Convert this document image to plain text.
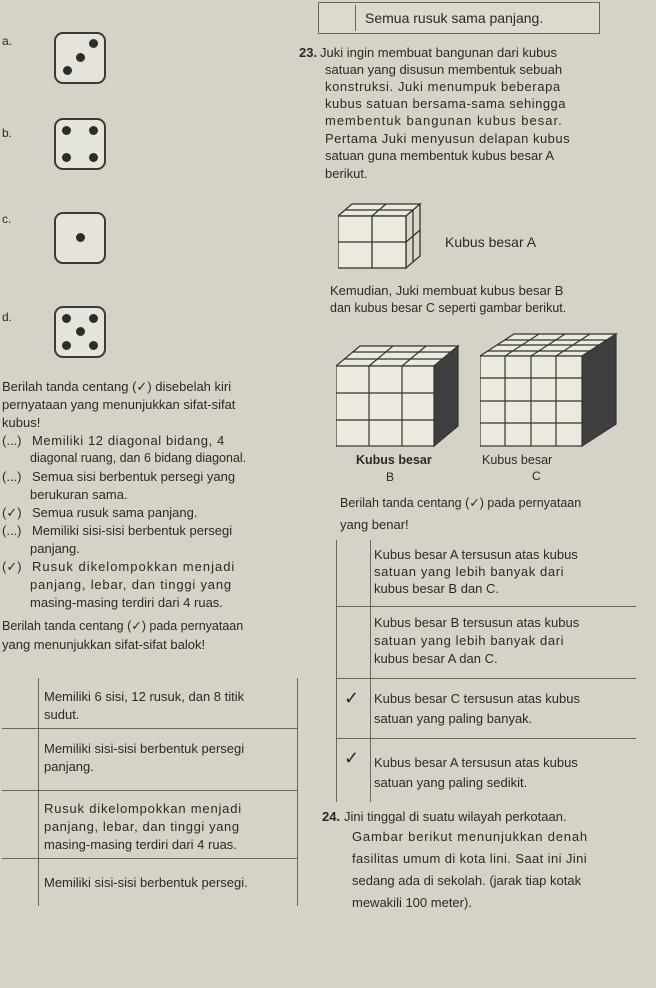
Semua rusuk sama panjang.
a.
b.
c.
d.
23. Juki ingin membuat bangunan dari kubus
satuan yang disusun membentuk sebuah
konstruksi. Juki menumpuk beberapa
kubus satuan bersama-sama sehingga
membentuk bangunan kubus besar.
Pertama Juki menyusun delapan kubus
satuan guna membentuk kubus besar A
berikut.
Kubus besar A
Kemudian, Juki membuat kubus besar B
dan kubus besar C seperti gambar berikut.
Kubus besar
B
Kubus besar
C
Berilah tanda centang (✓) pada pernyataan
yang benar!
Kubus besar A tersusun atas kubus
satuan yang lebih banyak dari
kubus besar B dan C.
Kubus besar B tersusun atas kubus
satuan yang lebih banyak dari
kubus besar A dan C.
✓ Kubus besar C tersusun atas kubus
satuan yang paling banyak.
✓ Kubus besar A tersusun atas kubus
satuan yang paling sedikit.
Berilah tanda centang (✓) disebelah kiri
pernyataan yang menunjukkan sifat-sifat
kubus!
(...) Memiliki 12 diagonal bidang, 4
diagonal ruang, dan 6 bidang diagonal.
(...) Semua sisi berbentuk persegi yang
berukuran sama.
(✓) Semua rusuk sama panjang.
(...) Memiliki sisi-sisi berbentuk persegi
panjang.
(✓) Rusuk dikelompokkan menjadi
panjang, lebar, dan tinggi yang
masing-masing terdiri dari 4 ruas.
Berilah tanda centang (✓) pada pernyataan
yang menunjukkan sifat-sifat balok!
Memiliki 6 sisi, 12 rusuk, dan 8 titik
sudut.
Memiliki sisi-sisi berbentuk persegi
panjang.
Rusuk dikelompokkan menjadi
panjang, lebar, dan tinggi yang
masing-masing terdiri dari 4 ruas.
Memiliki sisi-sisi berbentuk persegi.
24. Jini tinggal di suatu wilayah perkotaan.
Gambar berikut menunjukkan denah
fasilitas umum di kota lini. Saat ini Jini
sedang ada di sekolah. (jarak tiap kotak
mewakili 100 meter).
